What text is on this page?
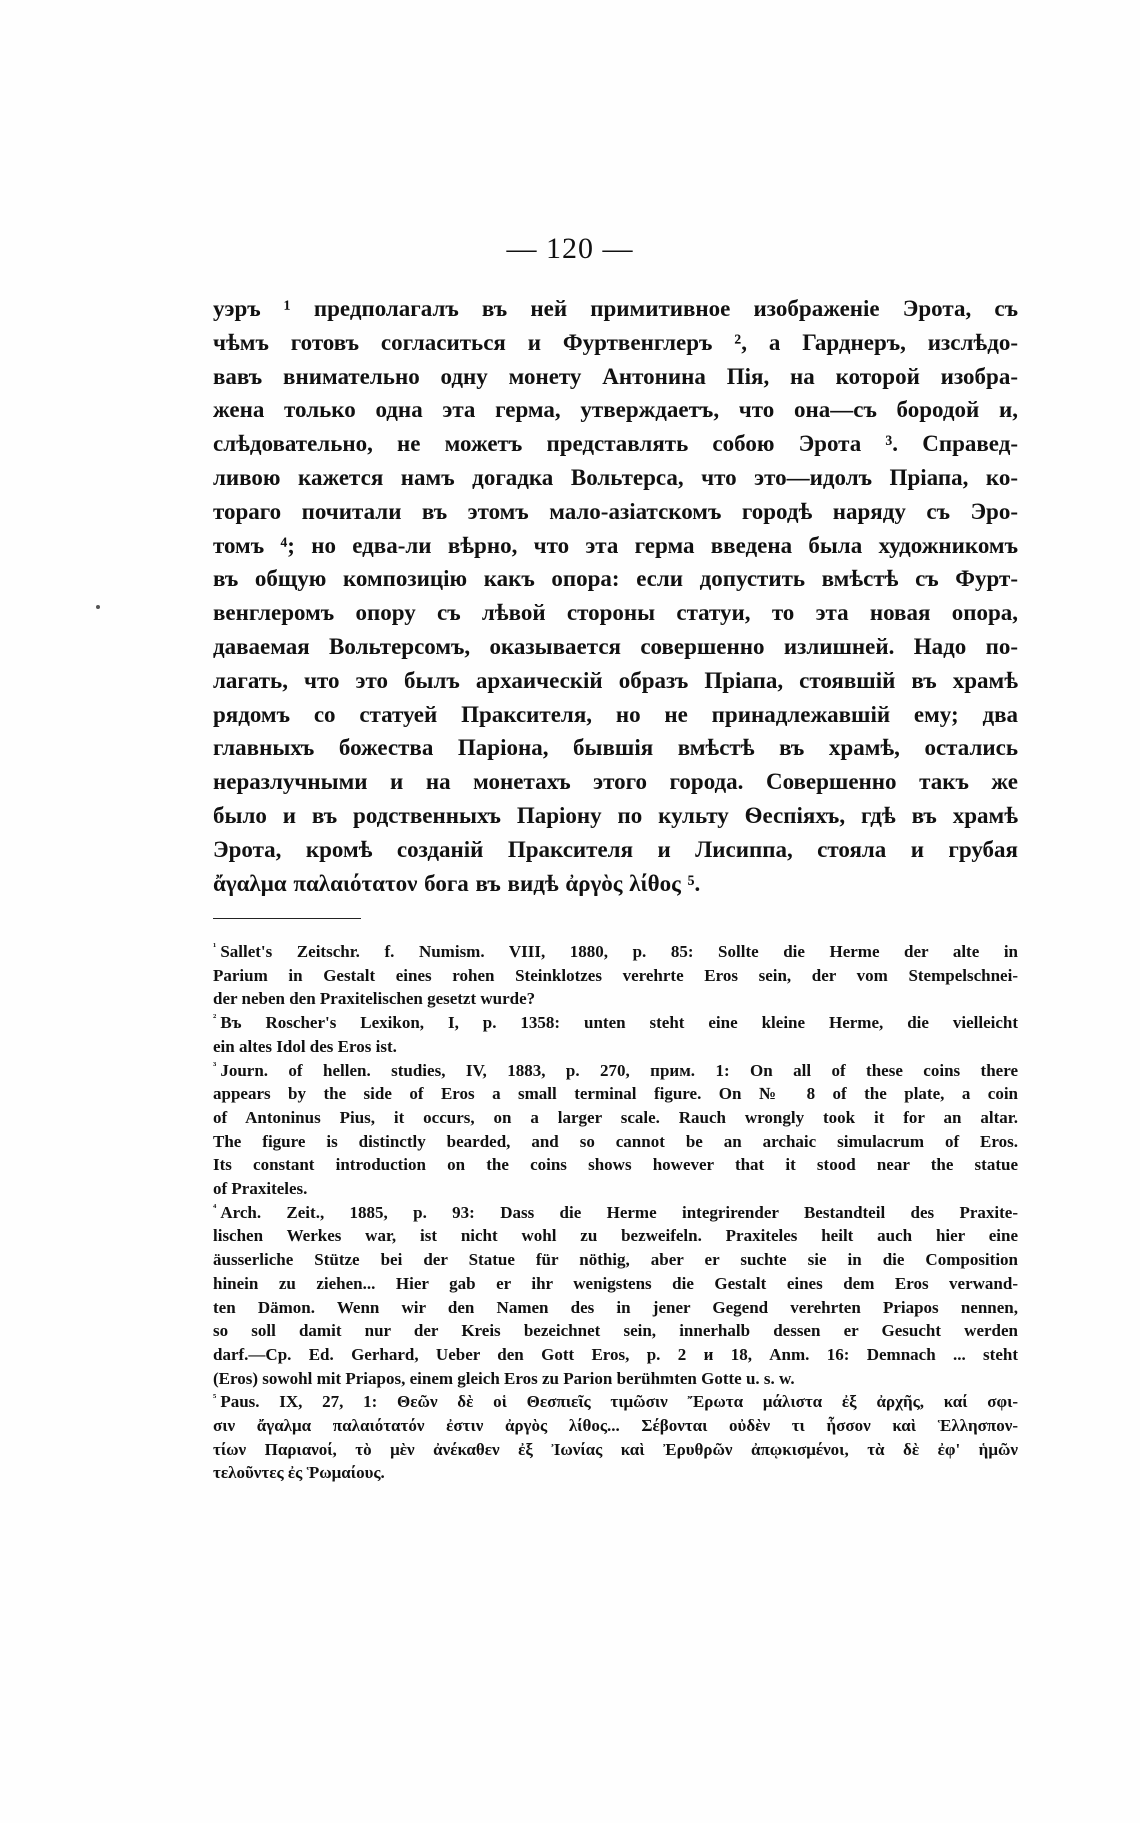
— 120 —
уэръ ¹ предполагалъ въ ней примитивное изображеніе Эрота, съ
чѣмъ готовъ согласиться и Фуртвенглеръ ², а Гарднеръ, изслѣдо-
вавъ внимательно одну монету Антонина Пія, на которой изобра-
жена только одна эта герма, утверждаетъ, что она—съ бородой и,
слѣдовательно, не можетъ представлять собою Эрота ³. Справед-
ливою кажется намъ догадка Вольтерса, что это—идолъ Пріапа, ко-
тораго почитали въ этомъ мало-азіатскомъ городѣ наряду съ Эро-
томъ ⁴; но едва-ли вѣрно, что эта герма введена была художникомъ
въ общую композицію какъ опора: если допустить вмѣстѣ съ Фурт-
венглеромъ опору съ лѣвой стороны статуи, то эта новая опора,
даваемая Вольтерсомъ, оказывается совершенно излишней. Надо по-
лагать, что это былъ архаическій образъ Пріапа, стоявшій въ храмѣ
рядомъ со статуей Праксителя, но не принадлежавшій ему; два
главныхъ божества Паріона, бывшія вмѣстѣ въ храмѣ, остались
неразлучными и на монетахъ этого города. Совершенно такъ же
было и въ родственныхъ Паріону по культу Ѳеспіяхъ, гдѣ въ храмѣ
Эрота, кромѣ созданій Праксителя и Лисиппа, стояла и грубая
ἄγαλμα παλαιότατον бога въ видѣ ἀργὸς λίθος ⁵.
$^{^1}$ Sallet's Zeitschr. f. Numism. VIII, 1880, p. 85: Sollte die Herme der alte in
Parium in Gestalt eines rohen Steinklotzes verehrte Eros sein, der vom Stempelschnei-
der neben den Praxitelischen gesetzt wurde?
$^{^2}$ Въ Roscher's Lexikon, I, p. 1358: unten steht eine kleine Herme, die vielleicht
ein altes Idol des Eros ist.
$^{^3}$ Journ. of hellen. studies, IV, 1883, p. 270, прим. 1: On all of these coins there
appears by the side of Eros a small terminal figure. On № 8 of the plate, a coin
of Antoninus Pius, it occurs, on a larger scale. Rauch wrongly took it for an altar.
The figure is distinctly bearded, and so cannot be an archaic simulacrum of Eros.
Its constant introduction on the coins shows however that it stood near the statue
of Praxiteles.
$^{^4}$ Arch. Zeit., 1885, p. 93: Dass die Herme integrirender Bestandteil des Praxite-
lischen Werkes war, ist nicht wohl zu bezweifeln. Praxiteles heilt auch hier eine
äusserliche Stütze bei der Statue für nöthig, aber er suchte sie in die Composition
hinein zu ziehen... Hier gab er ihr wenigstens die Gestalt eines dem Eros verwand-
ten Dämon. Wenn wir den Namen des in jener Gegend verehrten Priapos nennen,
so soll damit nur der Kreis bezeichnet sein, innerhalb dessen er Gesucht werden
darf.—Cp. Ed. Gerhard, Ueber den Gott Eros, p. 2 и 18, Anm. 16: Demnach ... steht
(Eros) sowohl mit Priapos, einem gleich Eros zu Parion berühmten Gotte u. s. w.
$^{^5}$ Paus. IX, 27, 1: Θεῶν δὲ οἱ Θεσπιεῖς τιμῶσιν Ἔρωτα μάλιστα ἐξ ἀρχῆς, καί σφι-
σιν ἄγαλμα παλαιότατόν ἐστιν ἀργὸς λίθος... Σέβονται οὐδὲν τι ἧσσον καὶ Ἑλλησπον-
τίων Παριανοί, τὸ μὲν ἀνέκαθεν ἐξ Ἰωνίας καὶ Ἐρυθρῶν ἀπῳκισμένοι, τὰ δὲ ἐφ' ἡμῶν
τελοῦντες ἐς Ῥωμαίους.
